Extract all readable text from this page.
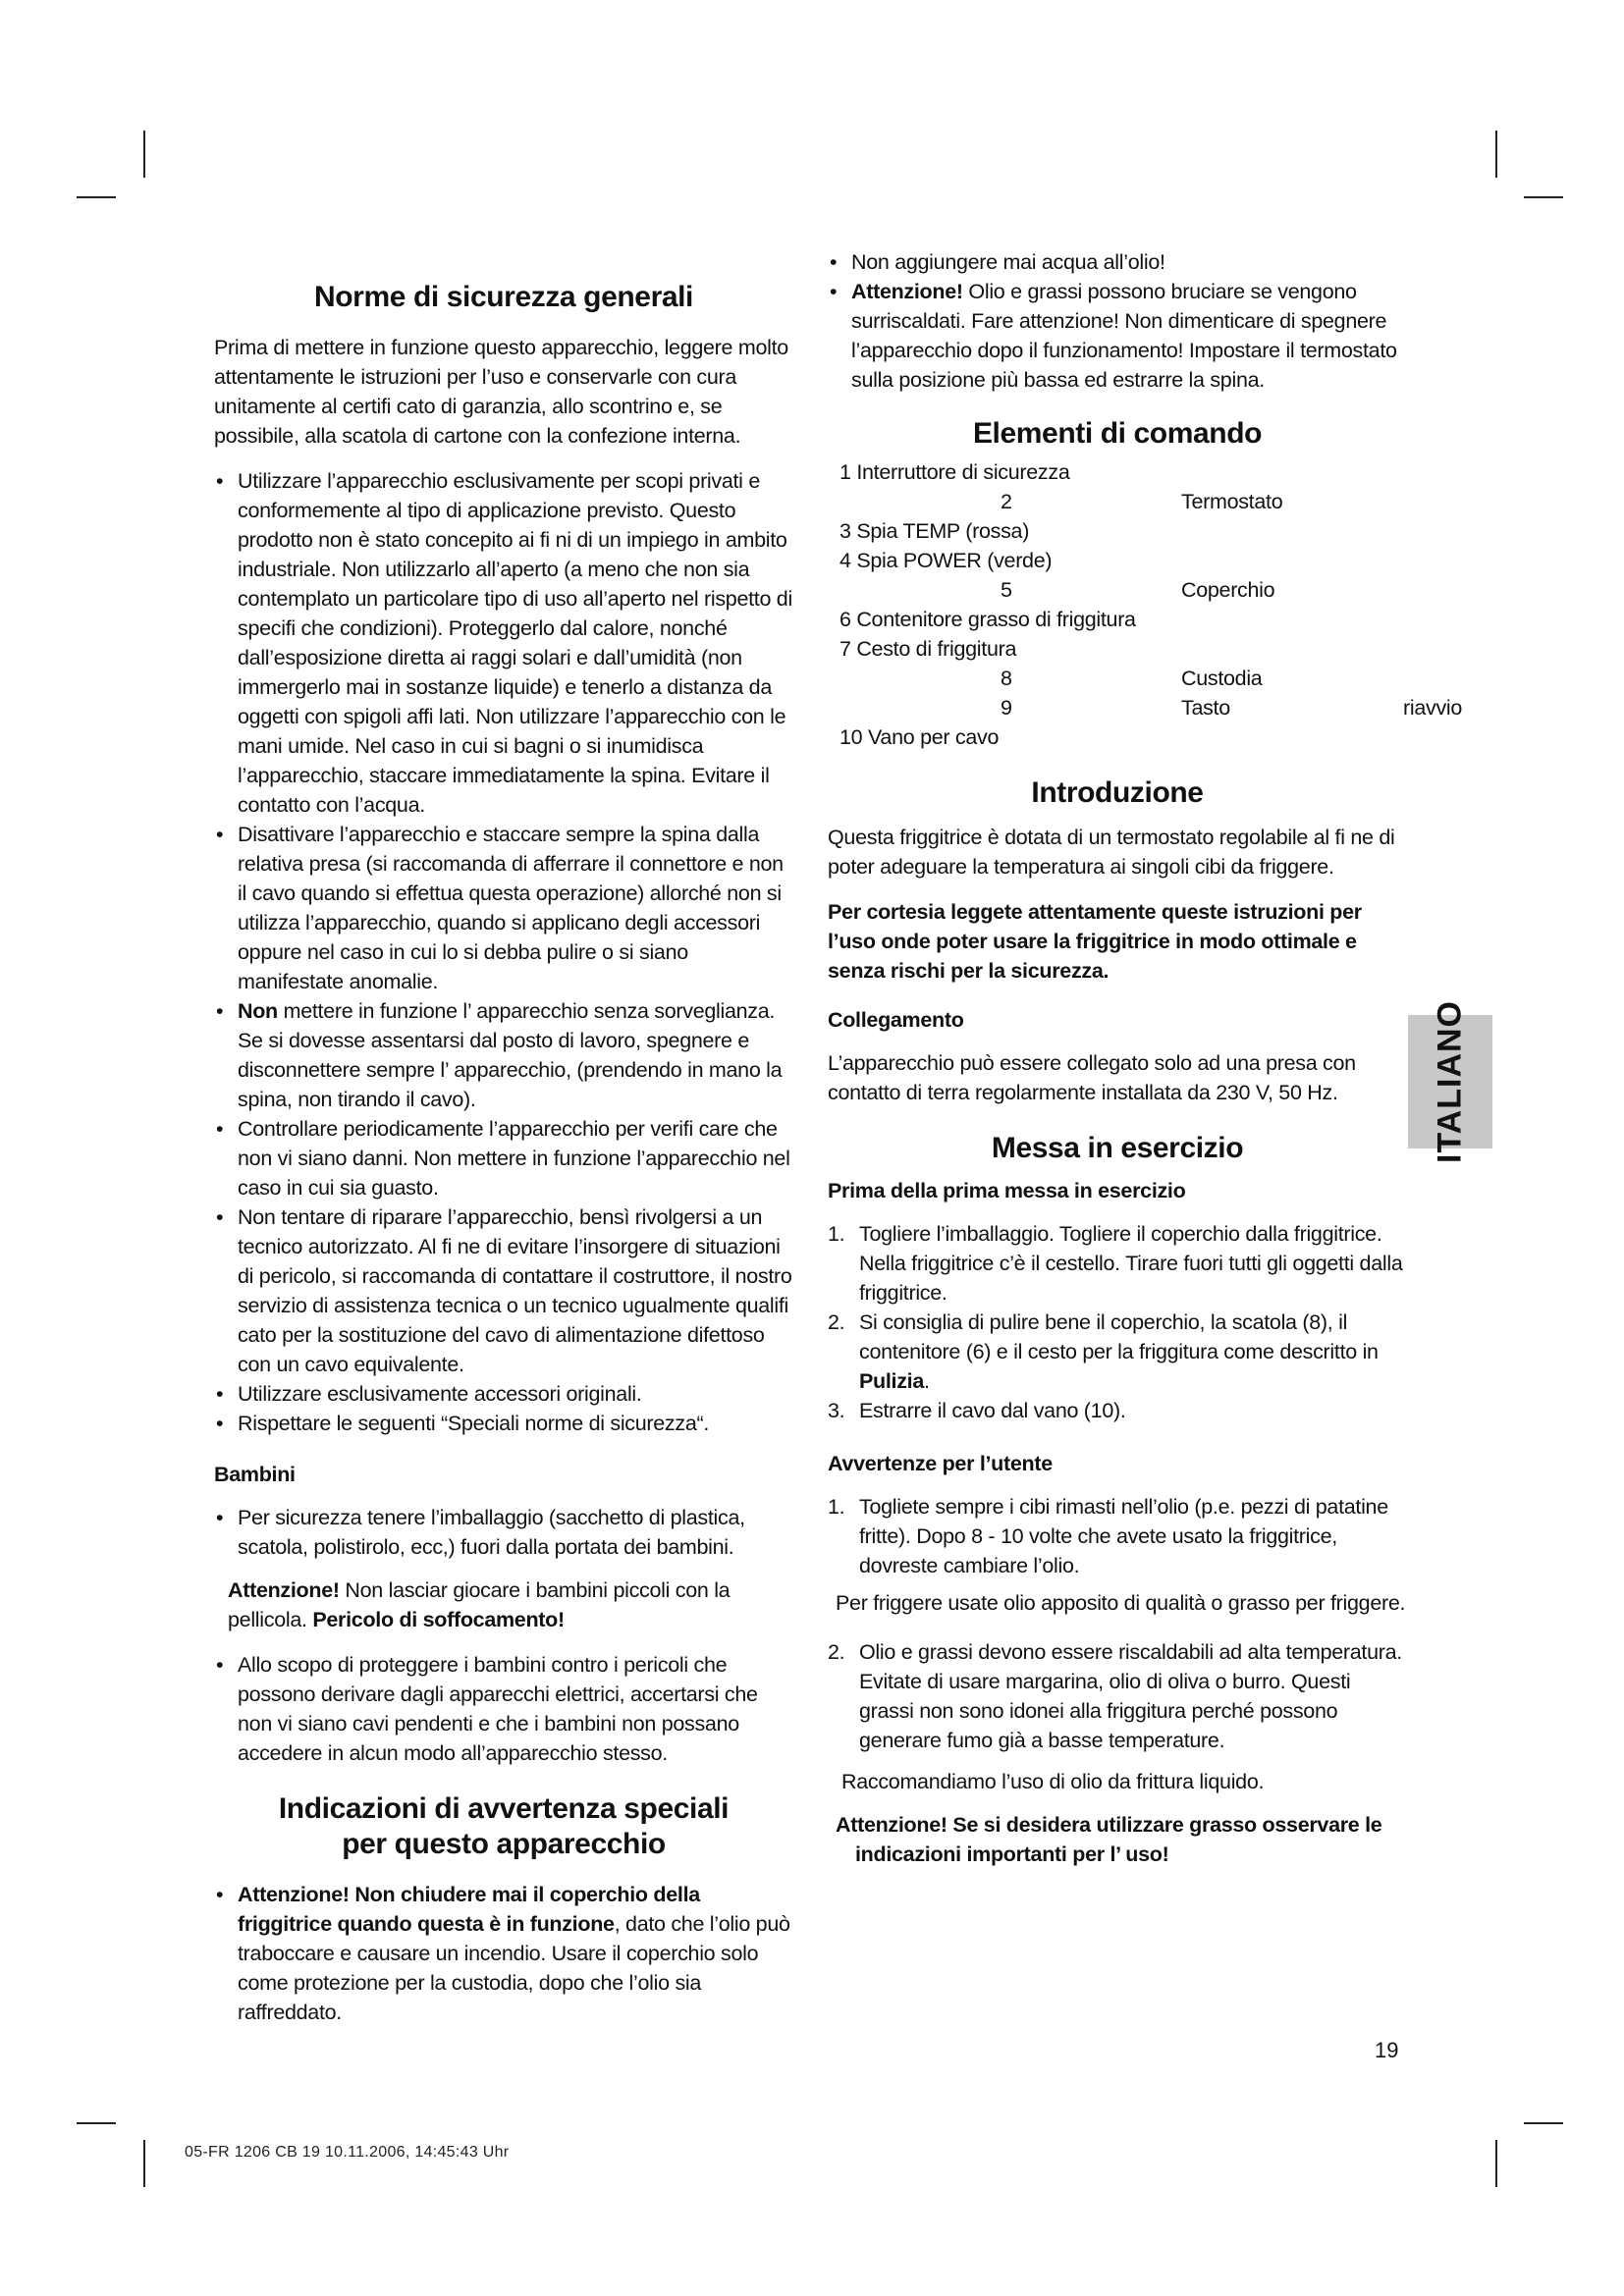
Norme di sicurezza generali

Prima di mettere in funzione questo apparecchio, leggere molto attentamente le istruzioni per l’uso e conservarle con cura unitamente al certifi cato di garanzia, allo scontrino e, se possibile, alla scatola di cartone con la confezione interna.

• Utilizzare l’apparecchio esclusivamente per scopi privati e conformemente al tipo di applicazione previsto. Questo prodotto non è stato concepito ai fi ni di un impiego in ambito industriale. Non utilizzarlo all’aperto (a meno che non sia contemplato un particolare tipo di uso all’aperto nel rispetto di specifi che condizioni). Proteggerlo dal calore, nonché dall’esposizione diretta ai raggi solari e dall’umidità (non immergerlo mai in sostanze liquide) e tenerlo a distanza da oggetti con spigoli affi lati. Non utilizzare l’apparecchio con le mani umide. Nel caso in cui si bagni o si inumidisca l’apparecchio, staccare immediatamente la spina. Evitare il contatto con l’acqua.
• Disattivare l’apparecchio e staccare sempre la spina dalla relativa presa (si raccomanda di afferrare il connettore e non il cavo quando si effettua questa operazione) allorché non si utilizza l’apparecchio, quando si applicano degli accessori oppure nel caso in cui lo si debba pulire o si siano manifestate anomalie.
• Non mettere in funzione l’ apparecchio senza sorveglianza. Se si dovesse assentarsi dal posto di lavoro, spegnere e disconnettere sempre l’ apparecchio, (prendendo in mano la spina, non tirando il cavo).
• Controllare periodicamente l’apparecchio per verifi care che non vi siano danni. Non mettere in funzione l’apparecchio nel caso in cui sia guasto.
• Non tentare di riparare l’apparecchio, bensì rivolgersi a un tecnico autorizzato. Al fi ne di evitare l’insorgere di situazioni di pericolo, si raccomanda di contattare il costruttore, il nostro servizio di assistenza tecnica o un tecnico ugualmente qualifi cato per la sostituzione del cavo di alimentazione difettoso con un cavo equivalente.
• Utilizzare esclusivamente accessori originali.
• Rispettare le seguenti “Speciali norme di sicurezza“.
Bambini
• Per sicurezza tenere l’imballaggio (sacchetto di plastica, scatola, polistirolo, ecc,) fuori dalla portata dei bambini.

Attenzione! Non lasciar giocare i bambini piccoli con la pellicola. Pericolo di soffocamento!

• Allo scopo di proteggere i bambini contro i pericoli che possono derivare dagli apparecchi elettrici, accertarsi che non vi siano cavi pendenti e che i bambini non possano accedere in alcun modo all’apparecchio stesso.
Indicazioni di avvertenza speciali
per questo apparecchio
• Attenzione! Non chiudere mai il coperchio della friggitrice quando questa è in funzione, dato che l’olio può traboccare e causare un incendio. Usare il coperchio solo come protezione per la custodia, dopo che l’olio sia raffreddato.
• Non aggiungere mai acqua all’olio!
• Attenzione! Olio e grassi possono bruciare se vengono surriscaldati. Fare attenzione! Non dimenticare di spegnere l’apparecchio dopo il funzionamento! Impostare il termostato sulla posizione più bassa ed estrarre la spina.
Elementi di comando
1 Interruttore di sicurezza
2	Termostato
3 Spia TEMP (rossa)
4 Spia POWER (verde)
5	Coperchio
6 Contenitore grasso di friggitura
7 Cesto di friggitura
8	Custodia
9	Tasto	riavvio
10 Vano per cavo
Introduzione

Questa friggitrice è dotata di un termostato regolabile al fi ne di poter adeguare la temperatura ai singoli cibi da friggere.

Per cortesia leggete attentamente queste istruzioni per l’uso onde poter usare la friggitrice in modo ottimale e senza rischi per la sicurezza.

Collegamento

L’apparecchio può essere collegato solo ad una presa con contatto di terra regolarmente installata da 230 V, 50 Hz.

Messa in esercizio
Prima della prima messa in esercizio
1. Togliere l’imballaggio. Togliere il coperchio dalla friggitrice. Nella friggitrice c’è il cestello. Tirare fuori tutti gli oggetti dalla friggitrice.
2. Si consiglia di pulire bene il coperchio, la scatola (8), il contenitore (6) e il cesto per la friggitura come descritto in Pulizia.
3. Estrarre il cavo dal vano (10).
Avvertenze per l’utente
1. Togliete sempre i cibi rimasti nell’olio (p.e. pezzi di patatine fritte). Dopo 8 - 10 volte che avete usato la friggitrice, dovreste cambiare l’olio.

Per friggere usate olio apposito di qualità o grasso per friggere.

2. Olio e grassi devono essere riscaldabili ad alta temperatura. Evitate di usare margarina, olio di oliva o burro. Questi grassi non sono idonei alla friggitura perché possono generare fumo già a basse temperature.

Raccomandiamo l’uso di olio da frittura liquido.

Attenzione! Se si desidera utilizzare grasso osservare le indicazioni importanti per l’ uso!

ITALIANO
19
05-FR 1206 CB 19 10.11.2006, 14:45:43 Uhr
